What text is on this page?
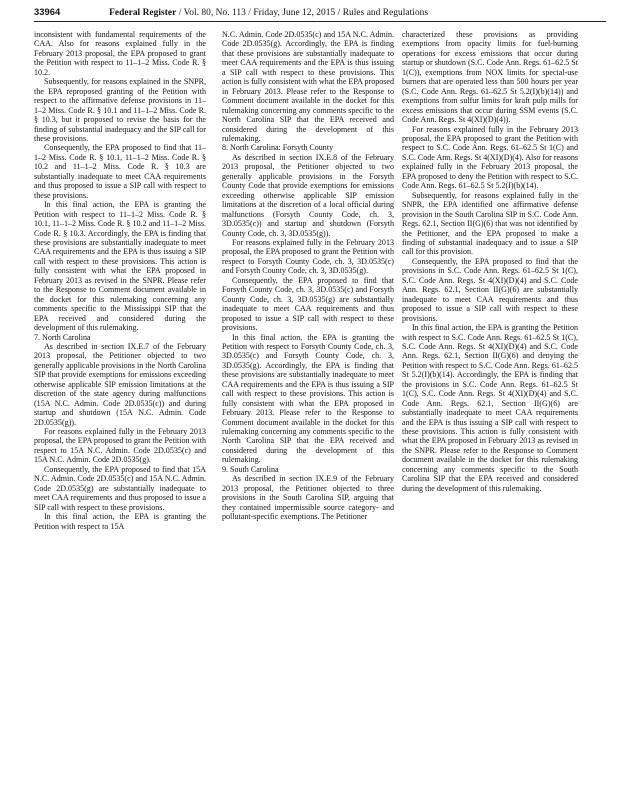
33964	Federal Register / Vol. 80, No. 113 / Friday, June 12, 2015 / Rules and Regulations

inconsistent with fundamental requirements of the CAA. Also for reasons explained fully in the February 2013 proposal, the EPA proposed to grant the Petition with respect to 11–1–2 Miss. Code R. § 10.2.

Subsequently, for reasons explained in the SNPR, the EPA reproposed granting of the Petition with respect to the affirmative defense provisions in 11–1–2 Miss. Code R. § 10.1 and 11–1–2 Miss. Code R. § 10.3, but it proposed to revise the basis for the finding of substantial inadequacy and the SIP call for these provisions.

Consequently, the EPA proposed to find that 11–1–2 Miss. Code R. § 10.1, 11–1–2 Miss. Code R. § 10.2 and 11–1–2 Miss. Code R. § 10.3 are substantially inadequate to meet CAA requirements and thus proposed to issue a SIP call with respect to these provisions.

In this final action, the EPA is granting the Petition with respect to 11–1–2 Miss. Code R. § 10.1, 11–1–2 Miss. Code R. § 10.2 and 11–1–2 Miss. Code R. § 10.3. Accordingly, the EPA is finding that these provisions are substantially inadequate to meet CAA requirements and the EPA is thus issuing a SIP call with respect to these provisions. This action is fully consistent with what the EPA proposed in February 2013 as revised in the SNPR. Please refer to the Response to Comment document available in the docket for this rulemaking concerning any comments specific to the Mississippi SIP that the EPA received and considered during the development of this rulemaking.

7. North Carolina

As described in section IX.E.7 of the February 2013 proposal, the Petitioner objected to two generally applicable provisions in the North Carolina SIP that provide exemptions for emissions exceeding otherwise applicable SIP emission limitations at the discretion of the state agency during malfunctions (15A N.C. Admin. Code 2D.0535(c)) and during startup and shutdown (15A N.C. Admin. Code 2D.0535(g)).

For reasons explained fully in the February 2013 proposal, the EPA proposed to grant the Petition with respect to 15A N.C. Admin. Code 2D.0535(c) and 15A N.C. Admin. Code 2D.0535(g).

Consequently, the EPA proposed to find that 15A N.C. Admin. Code 2D.0535(c) and 15A N.C. Admin. Code 2D.0535(g) are substantially inadequate to meet CAA requirements and thus proposed to issue a SIP call with respect to these provisions.

In this final action, the EPA is granting the Petition with respect to 15A

N.C. Admin. Code 2D.0535(c) and 15A N.C. Admin. Code 2D.0535(g). Accordingly, the EPA is finding that these provisions are substantially inadequate to meet CAA requirements and the EPA is thus issuing a SIP call with respect to these provisions. This action is fully consistent with what the EPA proposed in February 2013. Please refer to the Response to Comment document available in the docket for this rulemaking concerning any comments specific to the North Carolina SIP that the EPA received and considered during the development of this rulemaking.

8. North Carolina: Forsyth County

As described in section IX.E.8 of the February 2013 proposal, the Petitioner objected to two generally applicable provisions in the Forsyth County Code that provide exemptions for emissions exceeding otherwise applicable SIP emission limitations at the discretion of a local official during malfunctions (Forsyth County Code, ch. 3, 3D.0535(c)) and startup and shutdown (Forsyth County Code, ch. 3, 3D.0535(g)).

For reasons explained fully in the February 2013 proposal, the EPA proposed to grant the Petition with respect to Forsyth County Code, ch. 3, 3D.0535(c) and Forsyth County Code, ch. 3, 3D.0535(g).

Consequently, the EPA proposed to find that Forsyth County Code, ch. 3, 3D.0535(c) and Forsyth County Code, ch. 3, 3D.0535(g) are substantially inadequate to meet CAA requirements and thus proposed to issue a SIP call with respect to these provisions.

In this final action, the EPA is granting the Petition with respect to Forsyth County Code, ch. 3, 3D.0535(c) and Forsyth County Code, ch. 3, 3D.0535(g). Accordingly, the EPA is finding that these provisions are substantially inadequate to meet CAA requirements and the EPA is thus issuing a SIP call with respect to these provisions. This action is fully consistent with what the EPA proposed in February 2013. Please refer to the Response to Comment document available in the docket for this rulemaking concerning any comments specific to the North Carolina SIP that the EPA received and considered during the development of this rulemaking.

9. South Carolina

As described in section IX.E.9 of the February 2013 proposal, the Petitioner objected to three provisions in the South Carolina SIP, arguing that they contained impermissible source category- and pollutant-specific exemptions. The Petitioner

characterized these provisions as providing exemptions from opacity limits for fuel-burning operations for excess emissions that occur during startup or shutdown (S.C. Code Ann. Regs. 61–62.5 St 1(C)), exemptions from NOX limits for special-use burners that are operated less than 500 hours per year (S.C. Code Ann. Regs. 61–62.5 St 5.2(I)(b)(14)) and exemptions from sulfur limits for kraft pulp mills for excess emissions that occur during SSM events (S.C. Code Ann. Regs. St 4(XI)(D)(4)).

For reasons explained fully in the February 2013 proposal, the EPA proposed to grant the Petition with respect to S.C. Code Ann. Regs. 61–62.5 St 1(C) and S.C. Code Ann. Regs. St 4(XI)(D)(4). Also for reasons explained fully in the February 2013 proposal, the EPA proposed to deny the Petition with respect to S.C. Code Ann. Regs. 61–62.5 St 5.2(I)(b)(14).

Subsequently, for reasons explained fully in the SNPR, the EPA identified one affirmative defense provision in the South Carolina SIP in S.C. Code Ann. Regs. 62.1, Section II(G)(6) that was not identified by the Petitioner, and the EPA proposed to make a finding of substantial inadequacy and to issue a SIP call for this provision.

Consequently, the EPA proposed to find that the provisions in S.C. Code Ann. Regs. 61–62.5 St 1(C), S.C. Code Ann. Regs. St 4(XI)(D)(4) and S.C. Code Ann. Regs. 62.1, Section II(G)(6) are substantially inadequate to meet CAA requirements and thus proposed to issue a SIP call with respect to these provisions.

In this final action, the EPA is granting the Petition with respect to S.C. Code Ann. Regs. 61–62.5 St 1(C), S.C. Code Ann. Regs. St 4(XI)(D)(4) and S.C. Code Ann. Regs. 62.1, Section II(G)(6) and denying the Petition with respect to S.C. Code Ann. Regs. 61–62.5 St 5.2(I)(b)(14). Accordingly, the EPA is finding that the provisions in S.C. Code Ann. Regs. 61–62.5 St 1(C), S.C. Code Ann. Regs. St 4(XI)(D)(4) and S.C. Code Ann. Regs. 62.1, Section II(G)(6) are substantially inadequate to meet CAA requirements and the EPA is thus issuing a SIP call with respect to these provisions. This action is fully consistent with what the EPA proposed in February 2013 as revised in the SNPR. Please refer to the Response to Comment document available in the docket for this rulemaking concerning any comments specific to the South Carolina SIP that the EPA received and considered during the development of this rulemaking.
